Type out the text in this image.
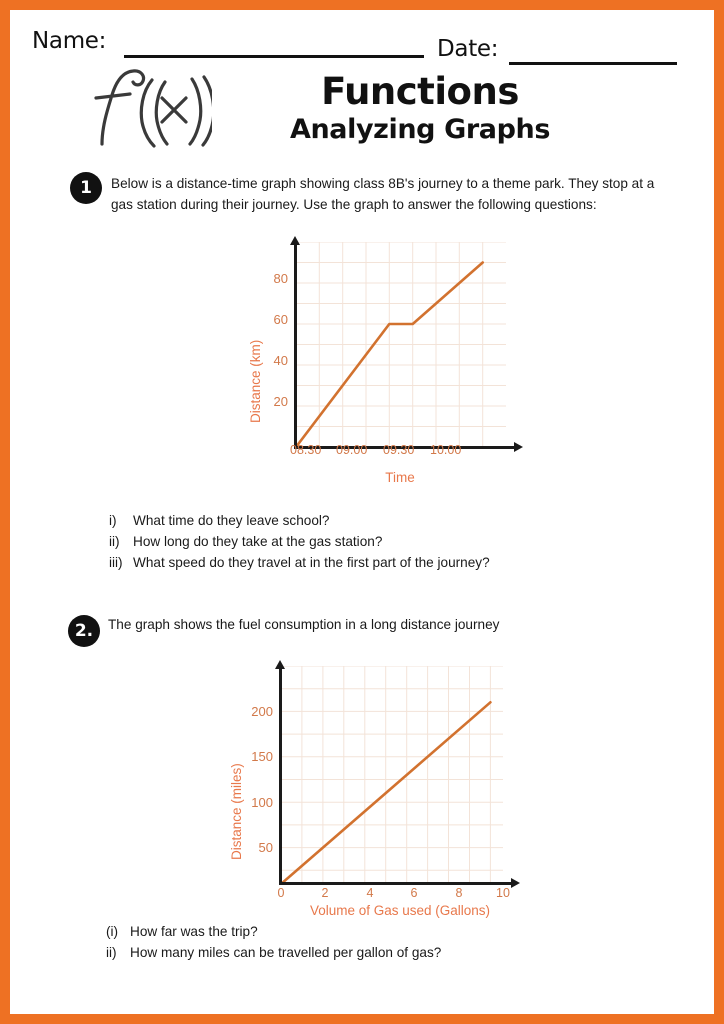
Name:	Date:
Functions
Analyzing Graphs
1	Below is a distance-time graph showing class 8B's journey to a theme park. They stop at a gas station during their journey. Use the graph to answer the following questions:
20
40
60
80
08.30 09.00 09.30 10.00
Time
Distance (km)
i) What time do they leave school?
ii) How long do they take at the gas station?
iii) What speed do they travel at in the first part of the journey?
2.	The graph shows the fuel consumption in a long distance journey
50
100
150
200
0	2	4	6	8	10
Volume of Gas used (Gallons)
Distance (miles)
(i) How far was the trip?
ii) How many miles can be travelled per gallon of gas?
